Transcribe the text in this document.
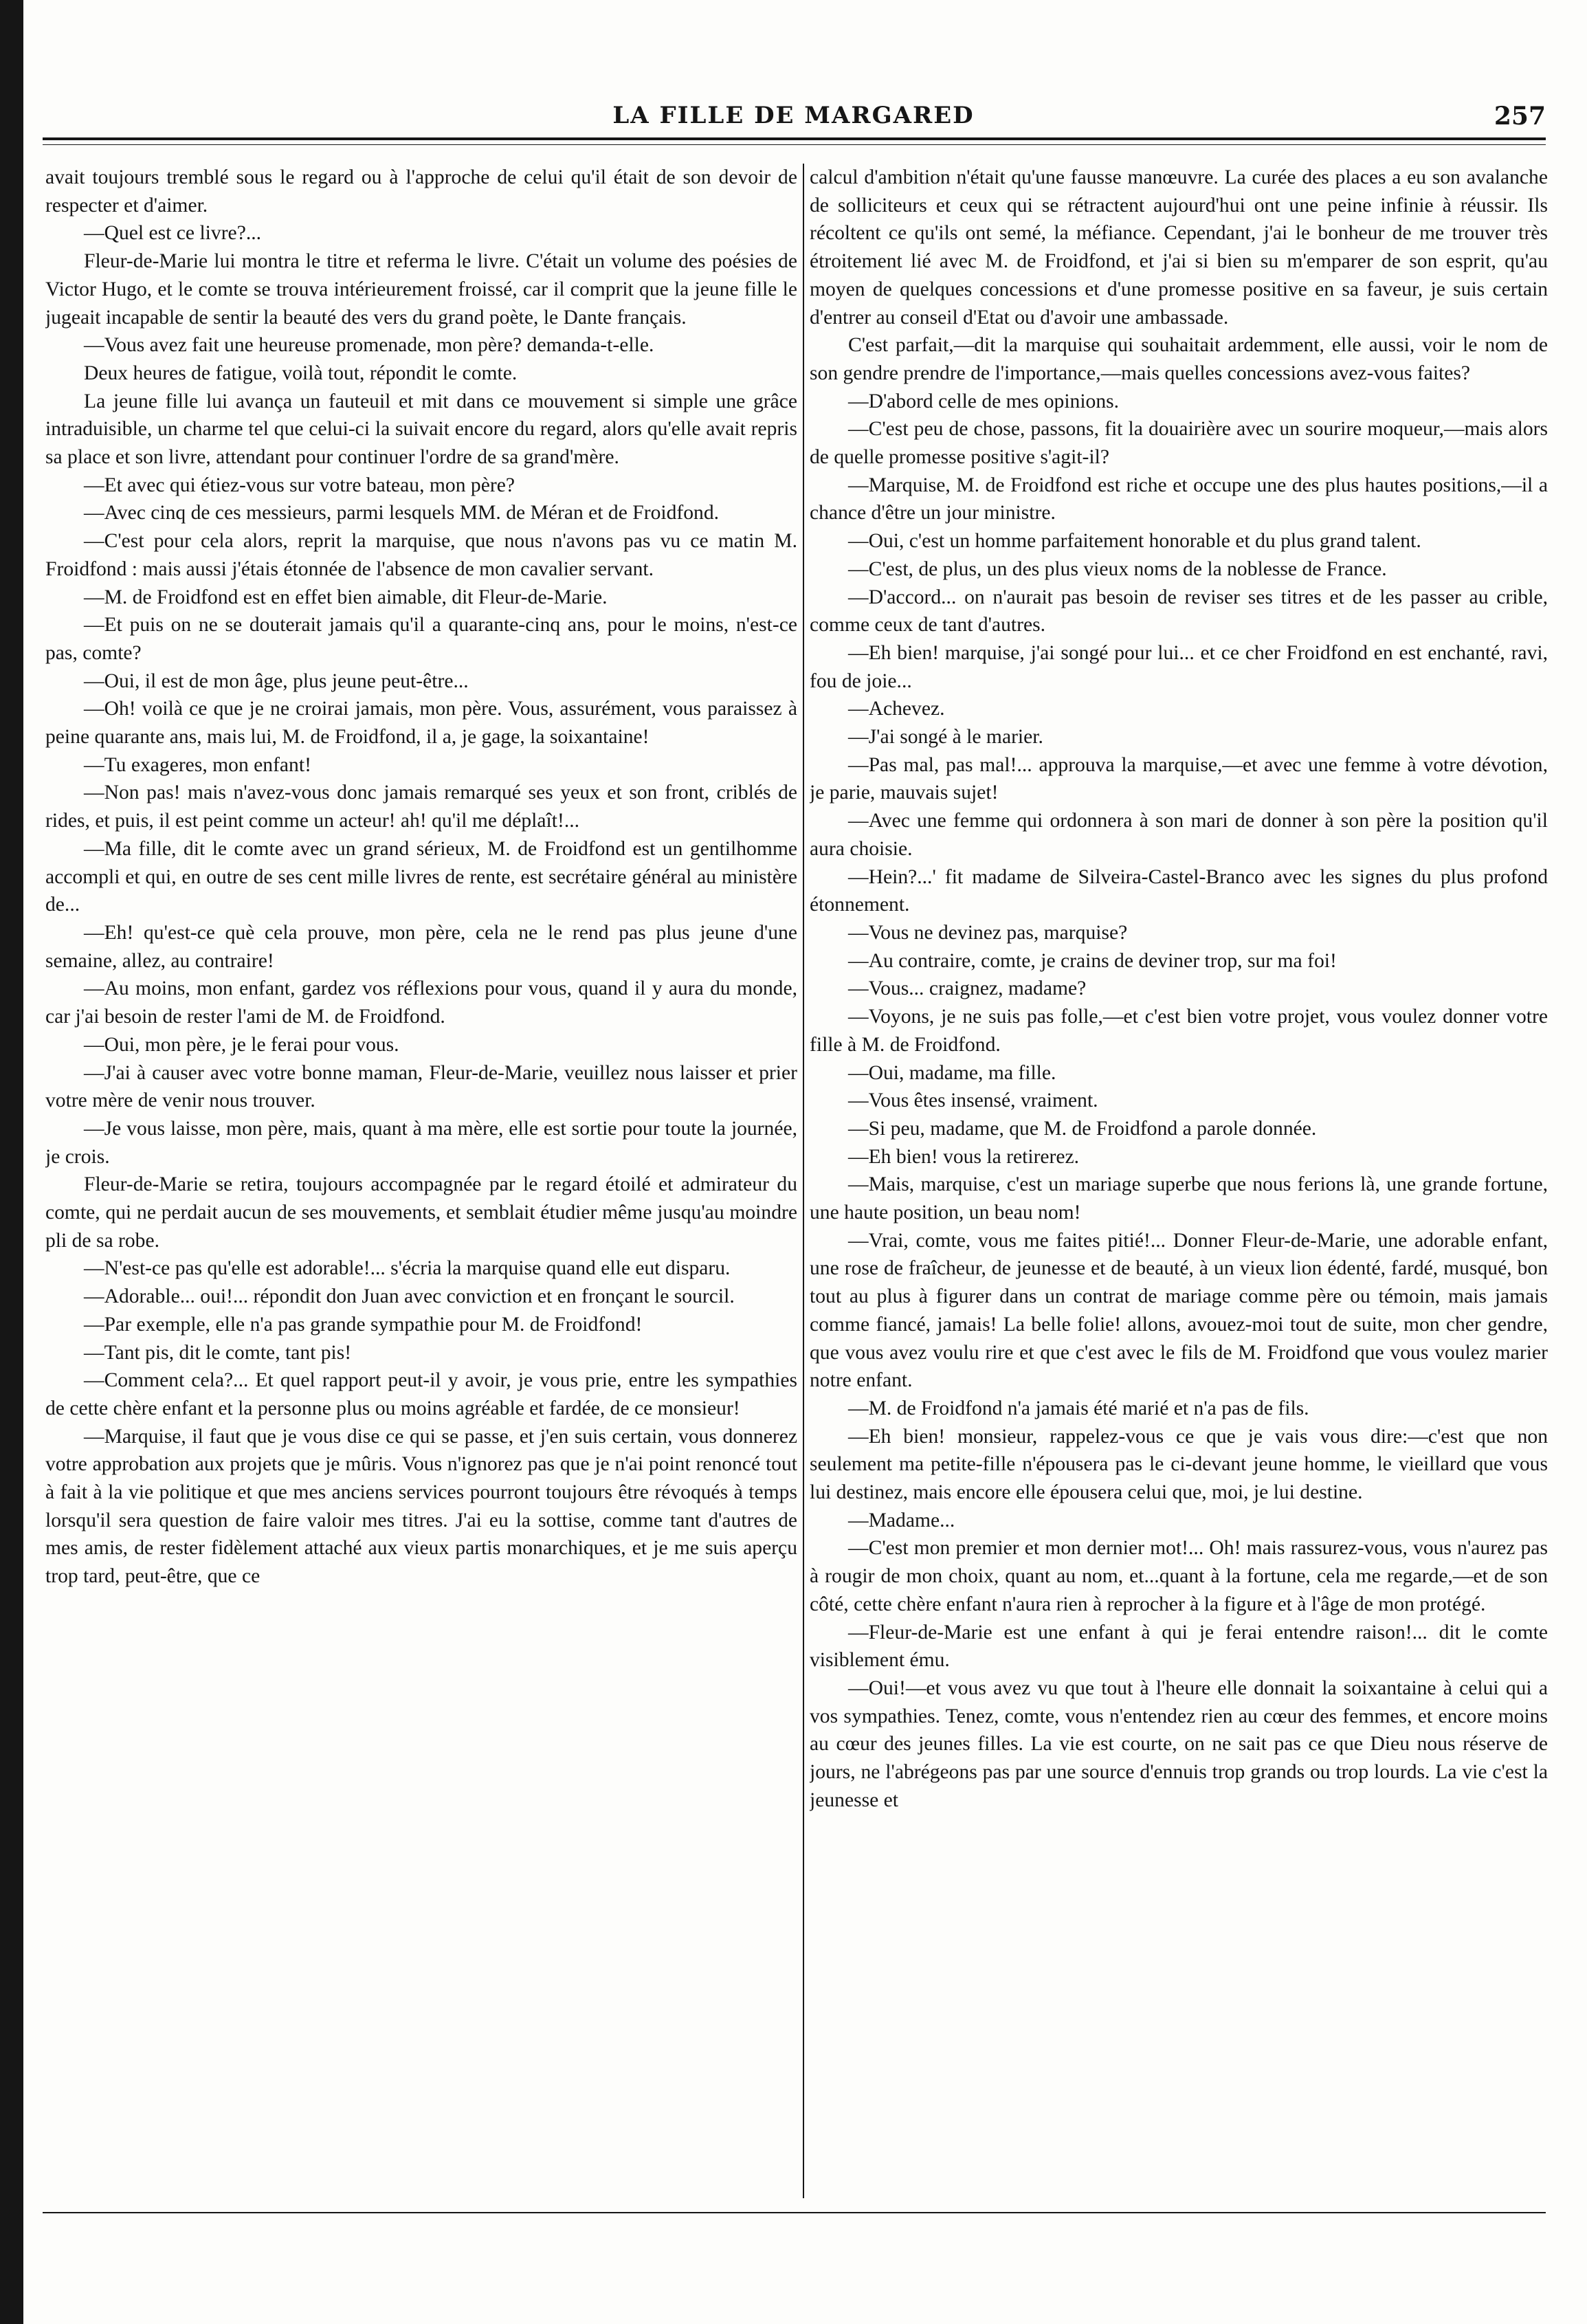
LA FILLE DE MARGARED	257

avait toujours tremblé sous le regard ou à l'approche de celui qu'il était de son devoir de respecter et d'aimer.

—Quel est ce livre?...

Fleur-de-Marie lui montra le titre et referma le livre. C'était un volume des poésies de Victor Hugo, et le comte se trouva intérieurement froissé, car il comprit que la jeune fille le jugeait incapable de sentir la beauté des vers du grand poète, le Dante français.

—Vous avez fait une heureuse promenade, mon père? demanda-t-elle.

Deux heures de fatigue, voilà tout, répondit le comte.

La jeune fille lui avança un fauteuil et mit dans ce mouvement si simple une grâce intraduisible, un charme tel que celui-ci la suivait encore du regard, alors qu'elle avait repris sa place et son livre, attendant pour continuer l'ordre de sa grand'mère.

—Et avec qui étiez-vous sur votre bateau, mon père?

—Avec cinq de ces messieurs, parmi lesquels MM. de Méran et de Froidfond.

—C'est pour cela alors, reprit la marquise, que nous n'avons pas vu ce matin M. Froidfond : mais aussi j'étais étonnée de l'absence de mon cavalier servant.

—M. de Froidfond est en effet bien aimable, dit Fleur-de-Marie.

—Et puis on ne se douterait jamais qu'il a quarante-cinq ans, pour le moins, n'est-ce pas, comte?

—Oui, il est de mon âge, plus jeune peut-être...

—Oh! voilà ce que je ne croirai jamais, mon père. Vous, assurément, vous paraissez à peine quarante ans, mais lui, M. de Froidfond, il a, je gage, la soixantaine!

—Tu exageres, mon enfant!

—Non pas! mais n'avez-vous donc jamais remarqué ses yeux et son front, criblés de rides, et puis, il est peint comme un acteur! ah! qu'il me déplaît!...

—Ma fille, dit le comte avec un grand sérieux, M. de Froidfond est un gentilhomme accompli et qui, en outre de ses cent mille livres de rente, est secrétaire général au ministère de...

—Eh! qu'est-ce què cela prouve, mon père, cela ne le rend pas plus jeune d'une semaine, allez, au contraire!

—Au moins, mon enfant, gardez vos réflexions pour vous, quand il y aura du monde, car j'ai besoin de rester l'ami de M. de Froidfond.

—Oui, mon père, je le ferai pour vous.

—J'ai à causer avec votre bonne maman, Fleur-de-Marie, veuillez nous laisser et prier votre mère de venir nous trouver.

—Je vous laisse, mon père, mais, quant à ma mère, elle est sortie pour toute la journée, je crois.

Fleur-de-Marie se retira, toujours accompagnée par le regard étoilé et admirateur du comte, qui ne perdait aucun de ses mouvements, et semblait étudier même jusqu'au moindre pli de sa robe.

—N'est-ce pas qu'elle est adorable!... s'écria la marquise quand elle eut disparu.

—Adorable... oui!... répondit don Juan avec conviction et en fronçant le sourcil.

—Par exemple, elle n'a pas grande sympathie pour M. de Froidfond!

—Tant pis, dit le comte, tant pis!

—Comment cela?... Et quel rapport peut-il y avoir, je vous prie, entre les sympathies de cette chère enfant et la personne plus ou moins agréable et fardée, de ce monsieur!

—Marquise, il faut que je vous dise ce qui se passe, et j'en suis certain, vous donnerez votre approbation aux projets que je mûris. Vous n'ignorez pas que je n'ai point renoncé tout à fait à la vie politique et que mes anciens services pourront toujours être révoqués à temps lorsqu'il sera question de faire valoir mes titres. J'ai eu la sottise, comme tant d'autres de mes amis, de rester fidèlement attaché aux vieux partis monarchiques, et je me suis aperçu trop tard, peut-être, que ce

calcul d'ambition n'était qu'une fausse manœuvre. La curée des places a eu son avalanche de solliciteurs et ceux qui se rétractent aujourd'hui ont une peine infinie à réussir. Ils récoltent ce qu'ils ont semé, la méfiance. Cependant, j'ai le bonheur de me trouver très étroitement lié avec M. de Froidfond, et j'ai si bien su m'emparer de son esprit, qu'au moyen de quelques concessions et d'une promesse positive en sa faveur, je suis certain d'entrer au conseil d'Etat ou d'avoir une ambassade.

C'est parfait,—dit la marquise qui souhaitait ardemment, elle aussi, voir le nom de son gendre prendre de l'importance,—mais quelles concessions avez-vous faites?

—D'abord celle de mes opinions.

—C'est peu de chose, passons, fit la douairière avec un sourire moqueur,—mais alors de quelle promesse positive s'agit-il?

—Marquise, M. de Froidfond est riche et occupe une des plus hautes positions,—il a chance d'être un jour ministre.

—Oui, c'est un homme parfaitement honorable et du plus grand talent.

—C'est, de plus, un des plus vieux noms de la noblesse de France.

—D'accord... on n'aurait pas besoin de reviser ses titres et de les passer au crible, comme ceux de tant d'autres.

—Eh bien! marquise, j'ai songé pour lui... et ce cher Froidfond en est enchanté, ravi, fou de joie...

—Achevez.

—J'ai songé à le marier.

—Pas mal, pas mal!... approuva la marquise,—et avec une femme à votre dévotion, je parie, mauvais sujet!

—Avec une femme qui ordonnera à son mari de donner à son père la position qu'il aura choisie.

—Hein?...' fit madame de Silveira-Castel-Branco avec les signes du plus profond étonnement.

—Vous ne devinez pas, marquise?

—Au contraire, comte, je crains de deviner trop, sur ma foi!

—Vous... craignez, madame?

—Voyons, je ne suis pas folle,—et c'est bien votre projet, vous voulez donner votre fille à M. de Froidfond.

—Oui, madame, ma fille.

—Vous êtes insensé, vraiment.

—Si peu, madame, que M. de Froidfond a parole donnée.

—Eh bien! vous la retirerez.

—Mais, marquise, c'est un mariage superbe que nous ferions là, une grande fortune, une haute position, un beau nom!

—Vrai, comte, vous me faites pitié!... Donner Fleur-de-Marie, une adorable enfant, une rose de fraîcheur, de jeunesse et de beauté, à un vieux lion édenté, fardé, musqué, bon tout au plus à figurer dans un contrat de mariage comme père ou témoin, mais jamais comme fiancé, jamais! La belle folie! allons, avouez-moi tout de suite, mon cher gendre, que vous avez voulu rire et que c'est avec le fils de M. Froidfond que vous voulez marier notre enfant.

—M. de Froidfond n'a jamais été marié et n'a pas de fils.

—Eh bien! monsieur, rappelez-vous ce que je vais vous dire:—c'est que non seulement ma petite-fille n'épousera pas le ci-devant jeune homme, le vieillard que vous lui destinez, mais encore elle épousera celui que, moi, je lui destine.

—Madame...

—C'est mon premier et mon dernier mot!... Oh! mais rassurez-vous, vous n'aurez pas à rougir de mon choix, quant au nom, et...quant à la fortune, cela me regarde,—et de son côté, cette chère enfant n'aura rien à reprocher à la figure et à l'âge de mon protégé.

—Fleur-de-Marie est une enfant à qui je ferai entendre raison!... dit le comte visiblement ému.

—Oui!—et vous avez vu que tout à l'heure elle donnait la soixantaine à celui qui a vos sympathies. Tenez, comte, vous n'entendez rien au cœur des femmes, et encore moins au cœur des jeunes filles. La vie est courte, on ne sait pas ce que Dieu nous réserve de jours, ne l'abrégeons pas par une source d'ennuis trop grands ou trop lourds. La vie c'est la jeunesse et
